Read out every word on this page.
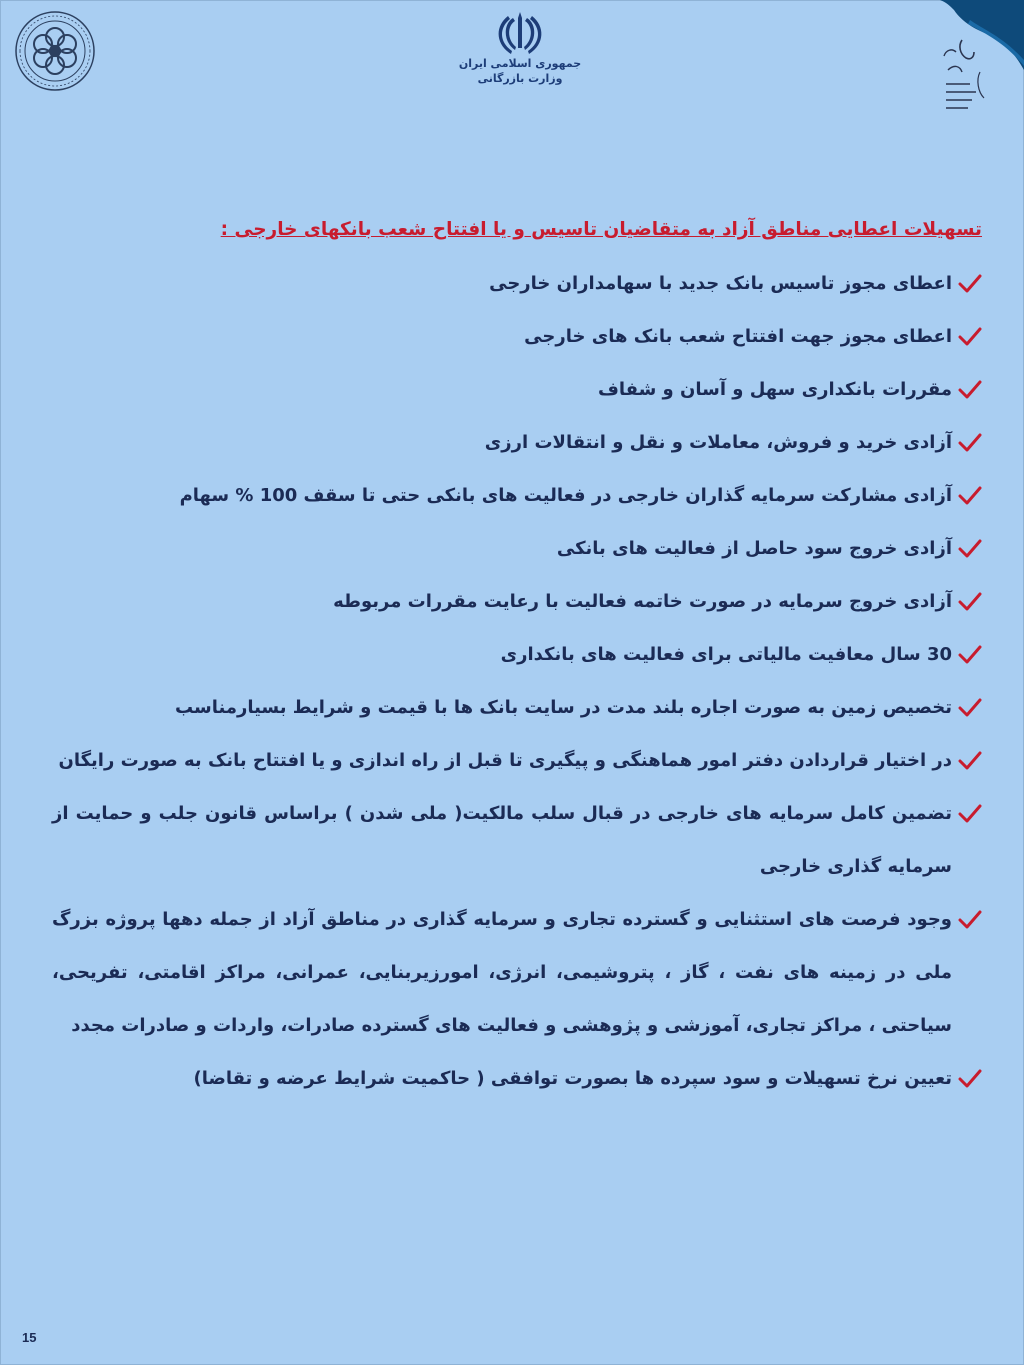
جمهوری اسلامی ایران
وزارت بازرگانی
تسهیلات اعطایی مناطق آزاد به متقاضیان تاسیس و یا افتتاح شعب بانکهای خارجی :
اعطای مجوز تاسیس بانک جدید با سهامداران خارجی
اعطای مجوز جهت افتتاح شعب بانک های خارجی
مقررات بانکداری سهل و آسان و شفاف
آزادی خرید و فروش، معاملات و نقل و انتقالات ارزی
آزادی مشارکت سرمایه گذاران خارجی در فعالیت های بانکی حتی تا سقف 100 % سهام
آزادی خروج سود حاصل از فعالیت های بانکی
آزادی خروج سرمایه در صورت خاتمه فعالیت با رعایت مقررات مربوطه
30 سال معافیت مالیاتی برای فعالیت های بانکداری
تخصیص زمین به صورت اجاره بلند مدت در سایت بانک ها با قیمت و شرایط بسیارمناسب
در اختیار قراردادن دفتر امور هماهنگی و پیگیری تا قبل از راه اندازی و یا افتتاح بانک به صورت رایگان
تضمین کامل سرمایه های خارجی در قبال سلب مالکیت( ملی شدن ) براساس قانون جلب و حمایت از سرمایه گذاری خارجی
وجود فرصت های استثنایی و گسترده تجاری و سرمایه گذاری در مناطق آزاد از جمله دهها پروژه بزرگ ملی در زمینه های نفت ، گاز ، پتروشیمی، انرژی، امورزیربنایی، عمرانی، مراکز اقامتی، تفریحی، سیاحتی ، مراکز تجاری، آموزشی و پژوهشی و فعالیت های گسترده صادرات، واردات و صادرات مجدد
تعیین نرخ تسهیلات و سود سپرده ها بصورت توافقی ( حاکمیت شرایط عرضه و تقاضا)
15
